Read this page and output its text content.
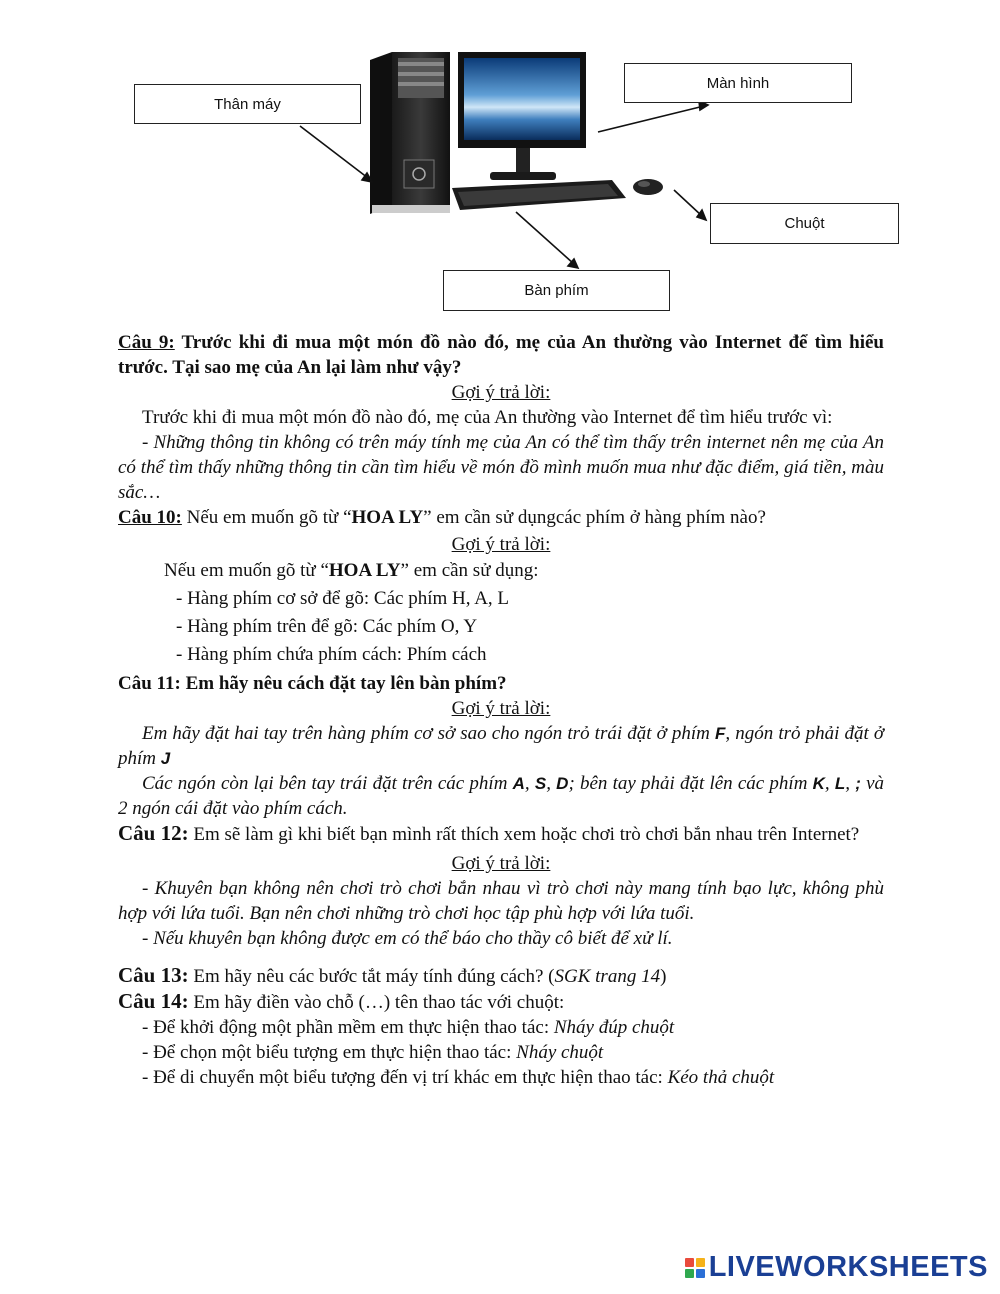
Thân máy
Màn hình
Chuột
Bàn phím

Câu 9: Trước khi đi mua một món đồ nào đó, mẹ của An thường vào Internet để tìm hiểu trước. Tại sao mẹ của An lại làm như vậy?

Gợi ý trả lời:

Trước khi đi mua một món đồ nào đó, mẹ của An thường vào Internet để tìm hiểu trước vì:

- Những thông tin không có trên máy tính mẹ của An có thể tìm thấy trên internet nên mẹ của An có thể tìm thấy những thông tin cần tìm hiểu về món đồ mình muốn mua như đặc điểm, giá tiền, màu sắc…

Câu 10: Nếu em muốn gõ từ “HOA LY” em cần sử dụngcác phím ở hàng phím nào?

Gợi ý trả lời:

Nếu em muốn gõ từ “HOA LY” em cần sử dụng:

- Hàng phím cơ sở để gõ: Các phím H, A, L

- Hàng phím trên để gõ: Các phím O, Y

- Hàng phím chứa phím cách: Phím cách

Câu 11: Em hãy nêu cách đặt tay lên bàn phím?

Gợi ý trả lời:

Em hãy đặt hai tay trên hàng phím cơ sở sao cho ngón trỏ trái đặt ở phím F, ngón trỏ phải đặt ở phím J

Các ngón còn lại bên tay trái đặt trên các phím A, S, D; bên tay phải đặt lên các phím K, L, ; và 2 ngón cái đặt vào phím cách.

Câu 12: Em sẽ làm gì khi biết bạn mình rất thích xem hoặc chơi trò chơi bắn nhau trên Internet?

Gợi ý trả lời:

- Khuyên bạn không nên chơi trò chơi bắn nhau vì trò chơi này mang tính bạo lực, không phù hợp với lứa tuổi. Bạn nên chơi những trò chơi học tập phù hợp với lứa tuổi.

- Nếu khuyên bạn không được em có thể báo cho thầy cô biết để xử lí.

Câu 13: Em hãy nêu các bước tắt máy tính đúng cách? (SGK trang 14)

Câu 14: Em hãy điền vào chỗ (…) tên thao tác với chuột:

- Để khởi động một phần mềm em thực hiện thao tác: Nháy đúp chuột

- Để chọn một biểu tượng em thực hiện thao tác: Nháy chuột

- Để di chuyển một biểu tượng đến vị trí khác em thực hiện thao tác: Kéo thả chuột

LIVEWORKSHEETS
